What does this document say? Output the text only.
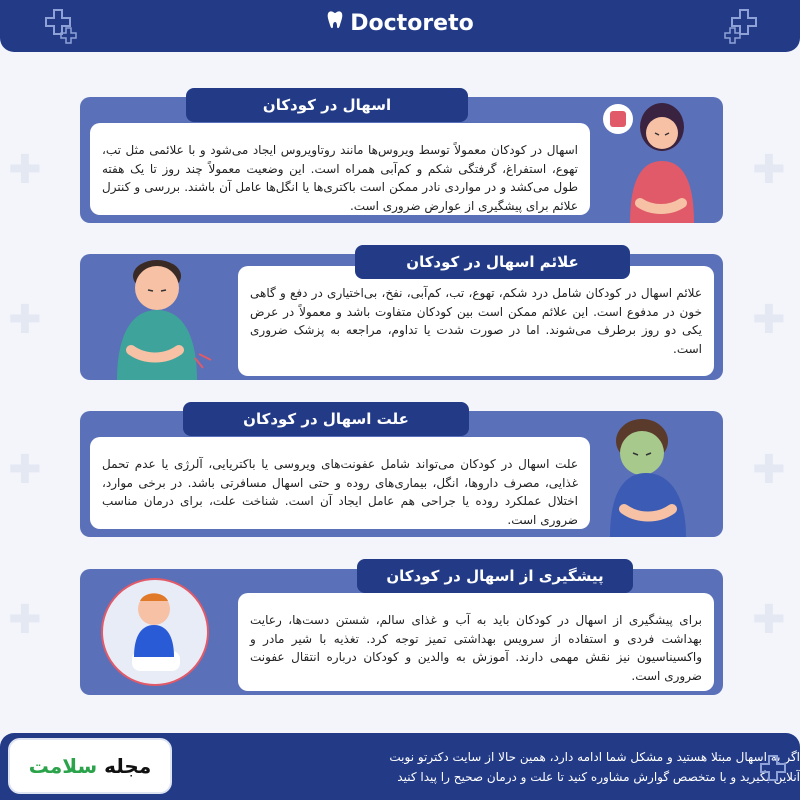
✚
✚
✚
✚
✚
✚
✚
✚
Doctoreto
اسهال در کودکان معمولاً توسط ویروس‌ها مانند روتاویروس ایجاد می‌شود و با علائمی مثل تب، تهوع، استفراغ، گرفتگی شکم و کم‌آبی همراه است. این وضعیت معمولاً چند روز تا یک هفته طول می‌کشد و در مواردی نادر ممکن است باکتری‌ها یا انگل‌ها عامل آن باشند. بررسی و کنترل علائم برای پیشگیری از عوارض ضروری است.
اسهال در کودکان
علائم اسهال در کودکان شامل درد شکم، تهوع، تب، کم‌آبی، نفخ، بی‌اختیاری در دفع و گاهی خون در مدفوع است. این علائم ممکن است بین کودکان متفاوت باشد و معمولاً در عرض یکی دو روز برطرف می‌شوند. اما در صورت شدت یا تداوم، مراجعه به پزشک ضروری است.
علائم اسهال در کودکان
علت اسهال در کودکان می‌تواند شامل عفونت‌های ویروسی یا باکتریایی، آلرژی یا عدم تحمل غذایی، مصرف داروها، انگل، بیماری‌های روده و حتی اسهال مسافرتی باشد. در برخی موارد، اختلال عملکرد روده یا جراحی هم عامل ایجاد آن است. شناخت علت، برای درمان مناسب ضروری است.
علت اسهال در کودکان
برای پیشگیری از اسهال در کودکان باید به آب و غذای سالم، شستن دست‌ها، رعایت بهداشت فردی و استفاده از سرویس بهداشتی تمیز توجه کرد. تغذیه با شیر مادر و واکسیناسیون نیز نقش مهمی دارند. آموزش به والدین و کودکان درباره انتقال عفونت ضروری است.
پیشگیری از اسهال در کودکان
اگر به اسهال مبتلا هستید و مشکل شما ادامه دارد، همین حالا از سایت دکترتو نوبت
آنلاین بگیرید و با متخصص گوارش مشاوره کنید تا علت و درمان صحیح را پیدا کنید
مجله سلامت
